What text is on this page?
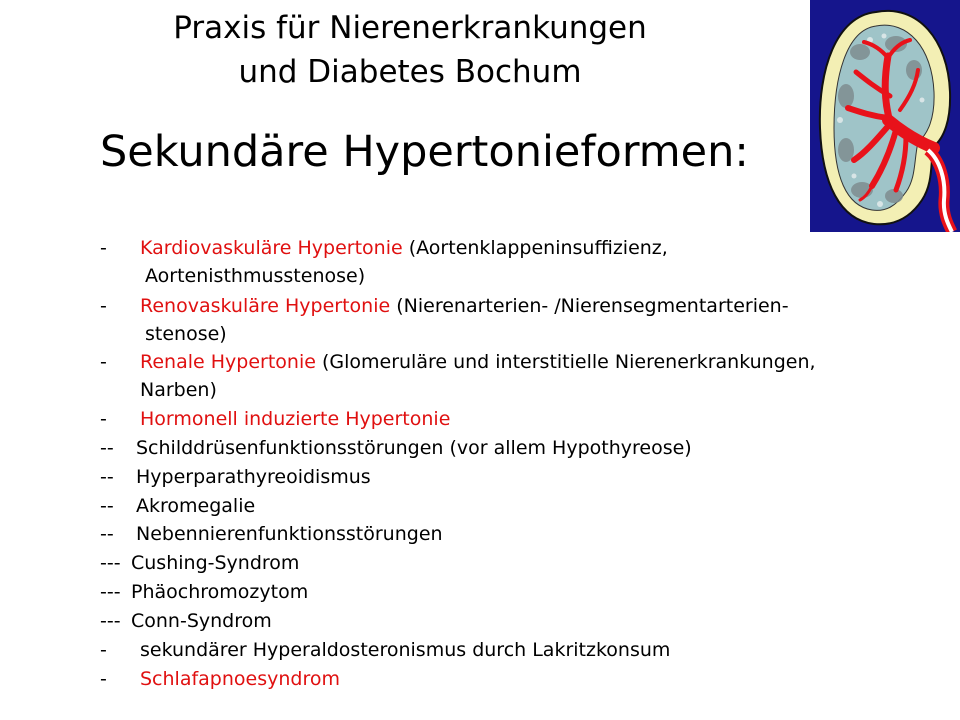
Praxis für Nierenerkrankungen
und Diabetes Bochum
Sekundäre Hypertonieformen:
- Kardiovaskuläre Hypertonie (Aortenklappeninsuffizienz,
Aortenisthmusstenose)
- Renovaskuläre Hypertonie (Nierenarterien- /Nierensegmentarterien-
stenose)
- Renale Hypertonie (Glomeruläre und interstitielle Nierenerkrankungen,
Narben)
- Hormonell induzierte Hypertonie
-- Schilddrüsenfunktionsstörungen (vor allem Hypothyreose)
-- Hyperparathyreoidismus
-- Akromegalie
-- Nebennierenfunktionsstörungen
--- Cushing-Syndrom
--- Phäochromozytom
--- Conn-Syndrom
- sekundärer Hyperaldosteronismus durch Lakritzkonsum
- Schlafapnoesyndrom
